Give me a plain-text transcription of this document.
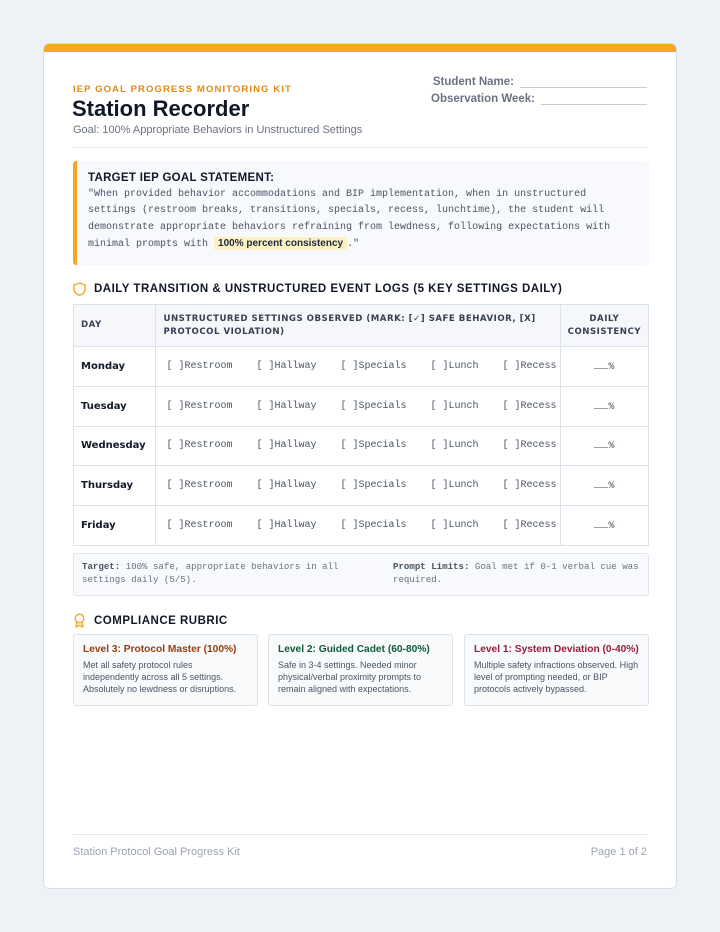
IEP GOAL PROGRESS MONITORING KIT
Station Recorder
Goal: 100% Appropriate Behaviors in Unstructured Settings
Student Name:
Observation Week:
TARGET IEP GOAL STATEMENT:
"When provided behavior accommodations and BIP implementation, when in unstructured settings (restroom breaks, transitions, specials, recess, lunchtime), the student will demonstrate appropriate behaviors refraining from lewdness, following expectations with minimal prompts with 100% percent consistency ."
DAILY TRANSITION & UNSTRUCTURED EVENT LOGS (5 KEY SETTINGS DAILY)
DAY	UNSTRUCTURED SETTINGS OBSERVED (MARK: [✓] SAFE BEHAVIOR, [X] PROTOCOL VIOLATION)	DAILY CONSISTENCY
Monday	[ ]Restroom [ ]Hallway [ ]Specials [ ]Lunch [ ]Recess	%
Tuesday	[ ]Restroom [ ]Hallway [ ]Specials [ ]Lunch [ ]Recess	%
Wednesday	[ ]Restroom [ ]Hallway [ ]Specials [ ]Lunch [ ]Recess	%
Thursday	[ ]Restroom [ ]Hallway [ ]Specials [ ]Lunch [ ]Recess	%
Friday	[ ]Restroom [ ]Hallway [ ]Specials [ ]Lunch [ ]Recess	%
Target: 100% safe, appropriate behaviors in all settings daily (5/5).
Prompt Limits: Goal met if 0-1 verbal cue was required.
COMPLIANCE RUBRIC
Level 3: Protocol Master (100%)
Met all safety protocol rules independently across all 5 settings. Absolutely no lewdness or disruptions.
Level 2: Guided Cadet (60-80%)
Safe in 3-4 settings. Needed minor physical/verbal proximity prompts to remain aligned with expectations.
Level 1: System Deviation (0-40%)
Multiple safety infractions observed. High level of prompting needed, or BIP protocols actively bypassed.
Station Protocol Goal Progress Kit	Page 1 of 2
